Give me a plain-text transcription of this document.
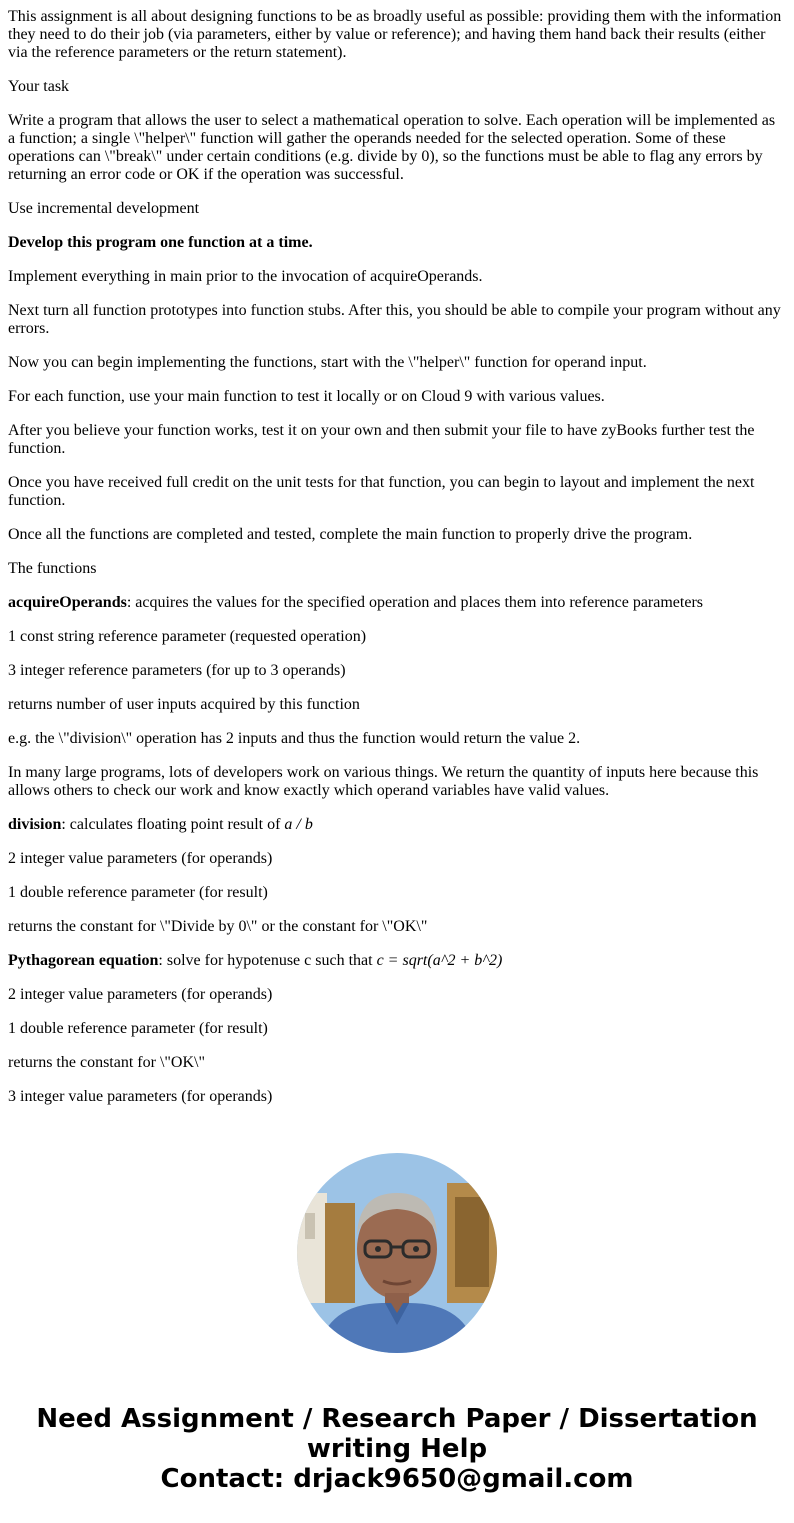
This assignment is all about designing functions to be as broadly useful as possible: providing them with the information they need to do their job (via parameters, either by value or reference); and having them hand back their results (either via the reference parameters or the return statement).

Your task

Write a program that allows the user to select a mathematical operation to solve. Each operation will be implemented as a function; a single \"helper\" function will gather the operands needed for the selected operation. Some of these operations can \"break\" under certain conditions (e.g. divide by 0), so the functions must be able to flag any errors by returning an error code or OK if the operation was successful.

Use incremental development

Develop this program one function at a time.

Implement everything in main prior to the invocation of acquireOperands.

Next turn all function prototypes into function stubs. After this, you should be able to compile your program without any errors.

Now you can begin implementing the functions, start with the \"helper\" function for operand input.

For each function, use your main function to test it locally or on Cloud 9 with various values.

After you believe your function works, test it on your own and then submit your file to have zyBooks further test the function.

Once you have received full credit on the unit tests for that function, you can begin to layout and implement the next function.

Once all the functions are completed and tested, complete the main function to properly drive the program.

The functions

acquireOperands: acquires the values for the specified operation and places them into reference parameters

1 const string reference parameter (requested operation)

3 integer reference parameters (for up to 3 operands)

returns number of user inputs acquired by this function

e.g. the \"division\" operation has 2 inputs and thus the function would return the value 2.

In many large programs, lots of developers work on various things. We return the quantity of inputs here because this allows others to check our work and know exactly which operand variables have valid values.

division: calculates floating point result of a / b

2 integer value parameters (for operands)

1 double reference parameter (for result)

returns the constant for \"Divide by 0\" or the constant for \"OK\"

Pythagorean equation: solve for hypotenuse c such that c = sqrt(a^2 + b^2)

2 integer value parameters (for operands)

1 double reference parameter (for result)

returns the constant for \"OK\"

3 integer value parameters (for operands)

Need Assignment / Research Paper / Dissertation
writing Help
Contact: drjack9650@gmail.com
